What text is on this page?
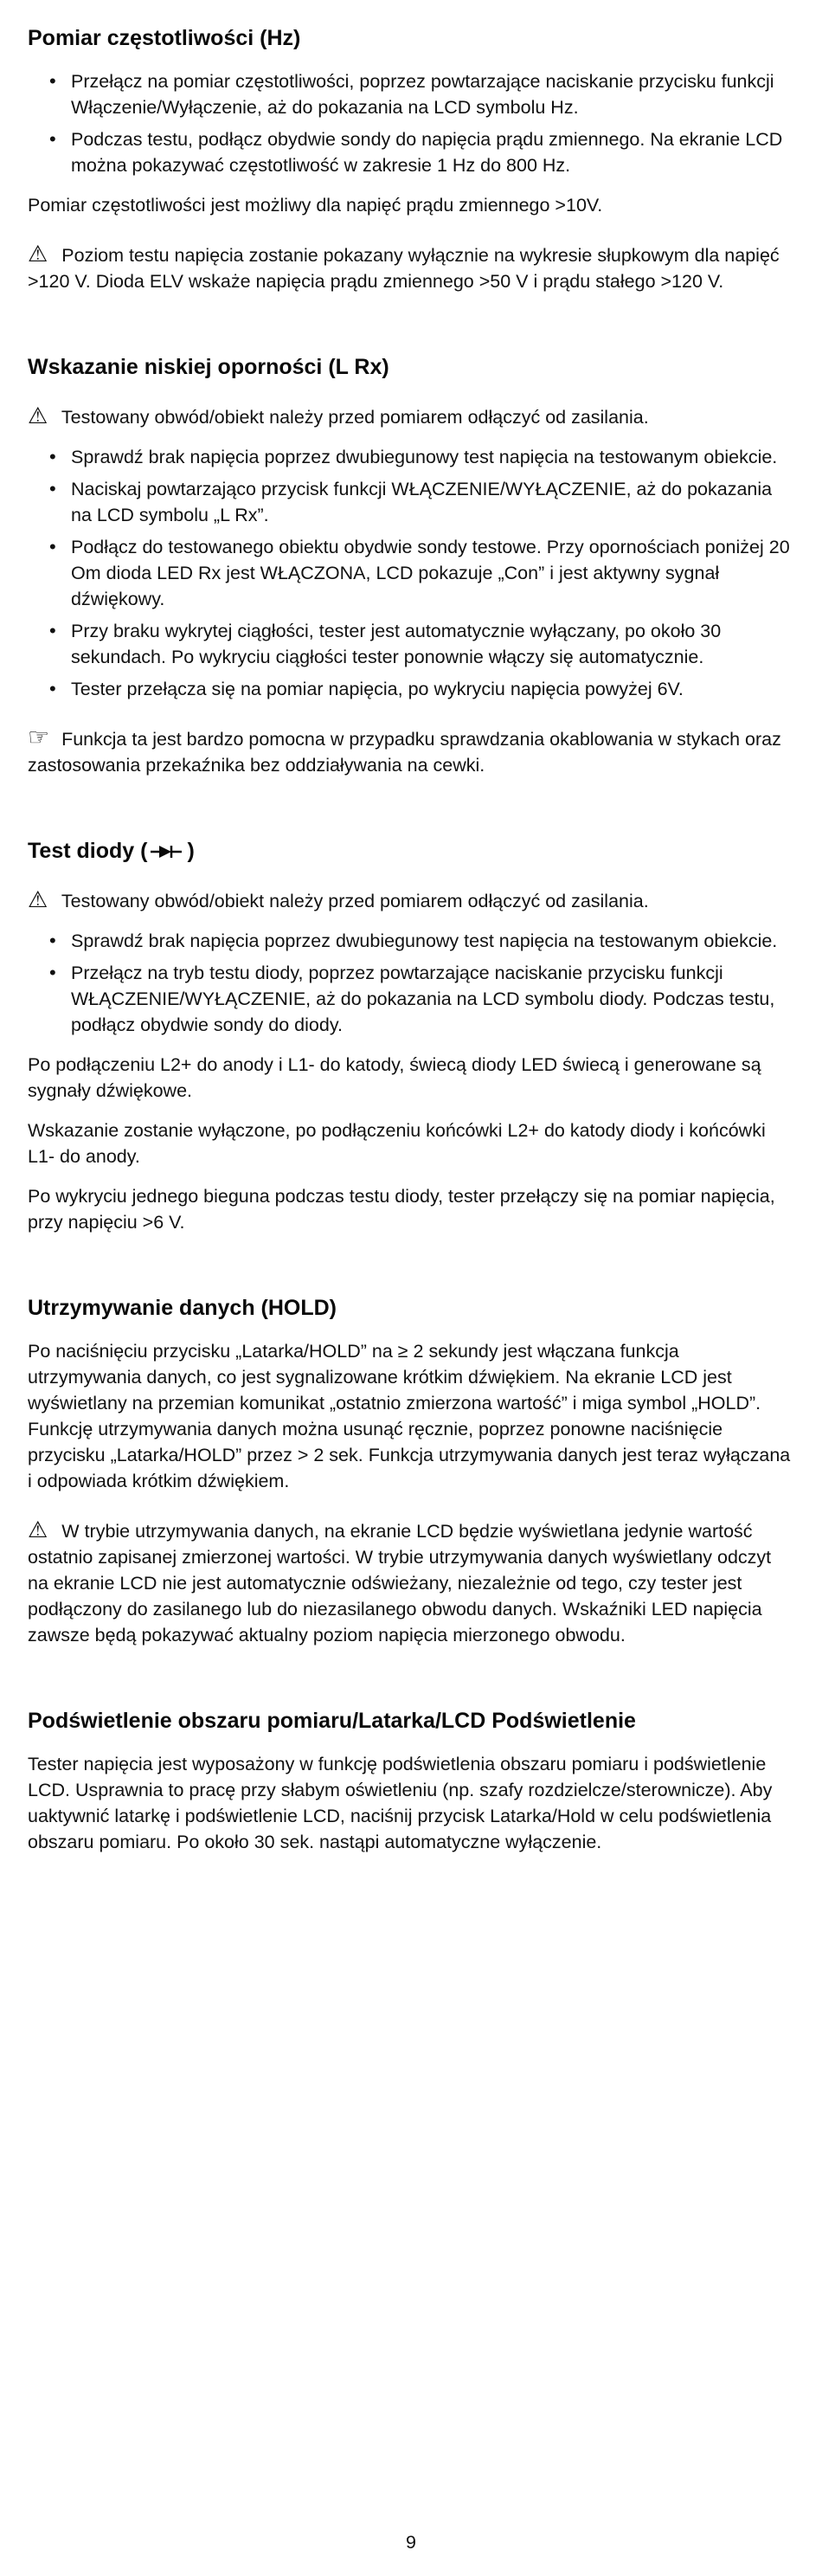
Pomiar częstotliwości (Hz)
• Przełącz na pomiar częstotliwości, poprzez powtarzające naciskanie przycisku funkcji Włączenie/Wyłączenie, aż do pokazania na LCD symbolu Hz.
• Podczas testu, podłącz obydwie sondy do napięcia prądu zmiennego. Na ekranie LCD można pokazywać częstotliwość w zakresie 1 Hz do 800 Hz.

Pomiar częstotliwości jest możliwy dla napięć prądu zmiennego >10V.

⚠ Poziom testu napięcia zostanie pokazany wyłącznie na wykresie słupkowym dla napięć >120 V. Dioda ELV wskaże napięcia prądu zmiennego >50 V i prądu stałego >120 V.

Wskazanie niskiej oporności (L Rx)

⚠ Testowany obwód/obiekt należy przed pomiarem odłączyć od zasilania.

• Sprawdź brak napięcia poprzez dwubiegunowy test napięcia na testowanym obiekcie.
• Naciskaj powtarzająco przycisk funkcji WŁĄCZENIE/WYŁĄCZENIE, aż do pokazania na LCD symbolu „L Rx”.
• Podłącz do testowanego obiektu obydwie sondy testowe. Przy opornościach poniżej 20 Om dioda LED Rx jest WŁĄCZONA, LCD pokazuje „Con” i jest aktywny sygnał dźwiękowy.
• Przy braku wykrytej ciągłości, tester jest automatycznie wyłączany, po około 30 sekundach. Po wykryciu ciągłości tester ponownie włączy się automatycznie.
• Tester przełącza się na pomiar napięcia, po wykryciu napięcia powyżej 6V.

☞ Funkcja ta jest bardzo pomocna w przypadku sprawdzania okablowania w stykach oraz zastosowania przekaźnika bez oddziaływania na cewki.

Test diody ( )

⚠ Testowany obwód/obiekt należy przed pomiarem odłączyć od zasilania.

• Sprawdź brak napięcia poprzez dwubiegunowy test napięcia na testowanym obiekcie.
• Przełącz na tryb testu diody, poprzez powtarzające naciskanie przycisku funkcji WŁĄCZENIE/WYŁĄCZENIE, aż do pokazania na LCD symbolu diody. Podczas testu, podłącz obydwie sondy do diody.

Po podłączeniu L2+ do anody i L1- do katody, świecą diody LED świecą i generowane są sygnały dźwiękowe.

Wskazanie zostanie wyłączone, po podłączeniu końcówki L2+ do katody diody i końcówki L1- do anody.

Po wykryciu jednego bieguna podczas testu diody, tester przełączy się na pomiar napięcia, przy napięciu >6 V.

Utrzymywanie danych (HOLD)

Po naciśnięciu przycisku „Latarka/HOLD” na ≥ 2 sekundy jest włączana funkcja utrzymywania danych, co jest sygnalizowane krótkim dźwiękiem. Na ekranie LCD jest wyświetlany na przemian komunikat „ostatnio zmierzona wartość” i miga symbol „HOLD”. Funkcję utrzymywania danych można usunąć ręcznie, poprzez ponowne naciśnięcie przycisku „Latarka/HOLD” przez > 2 sek. Funkcja utrzymywania danych jest teraz wyłączana i odpowiada krótkim dźwiękiem.

⚠ W trybie utrzymywania danych, na ekranie LCD będzie wyświetlana jedynie wartość ostatnio zapisanej zmierzonej wartości. W trybie utrzymywania danych wyświetlany odczyt na ekranie LCD nie jest automatycznie odświeżany, niezależnie od tego, czy tester jest podłączony do zasilanego lub do niezasilanego obwodu danych. Wskaźniki LED napięcia zawsze będą pokazywać aktualny poziom napięcia mierzonego obwodu.

Podświetlenie obszaru pomiaru/Latarka/LCD Podświetlenie

Tester napięcia jest wyposażony w funkcję podświetlenia obszaru pomiaru i podświetlenie LCD. Usprawnia to pracę przy słabym oświetleniu (np. szafy rozdzielcze/sterownicze). Aby uaktywnić latarkę i podświetlenie LCD, naciśnij przycisk Latarka/Hold w celu podświetlenia obszaru pomiaru. Po około 30 sek. nastąpi automatyczne wyłączenie.

9
